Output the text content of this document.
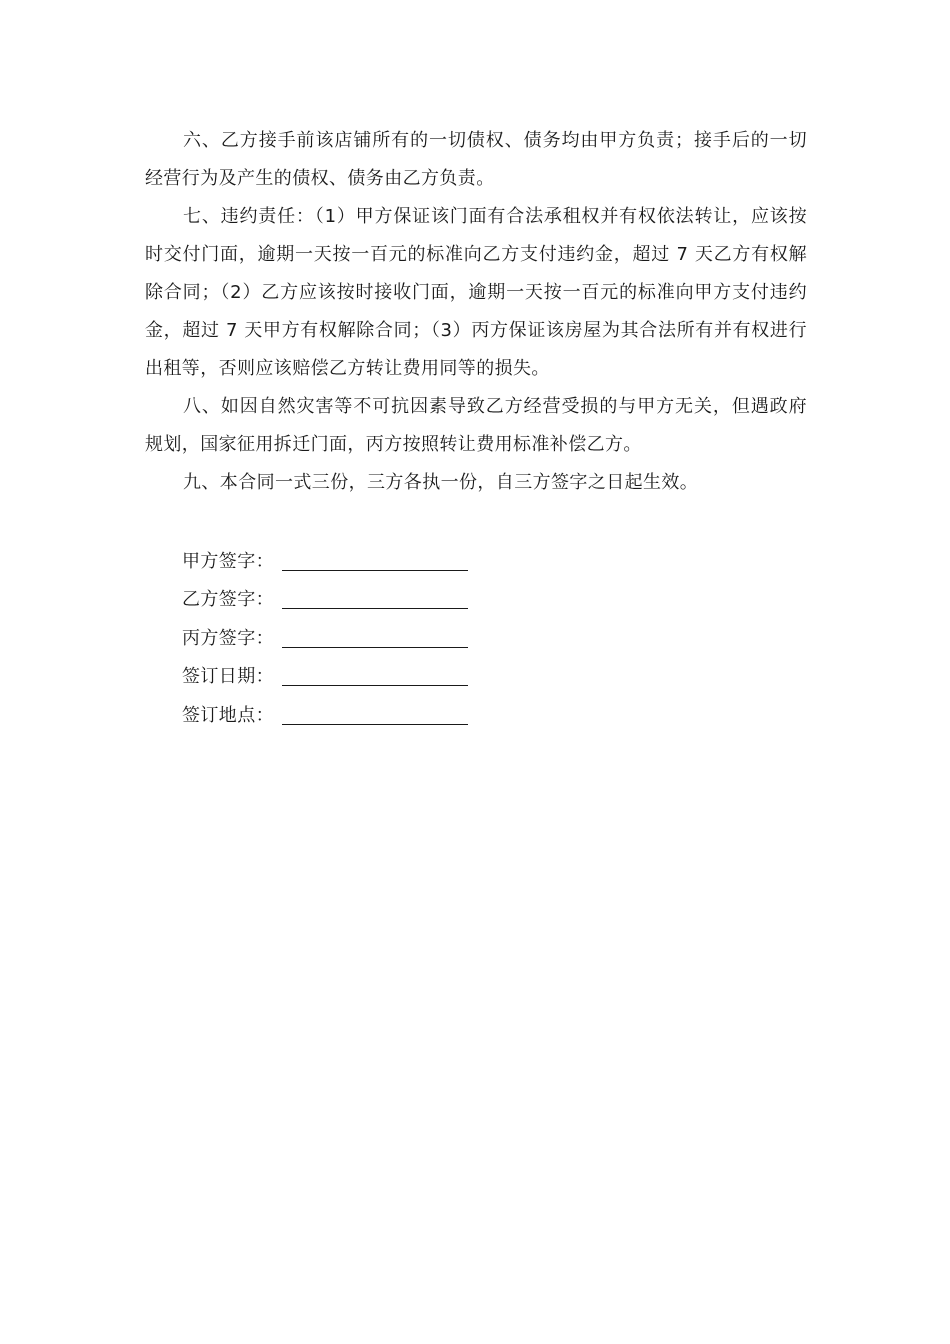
六、乙方接手前该店铺所有的一切债权、债务均由甲方负责；接手后的一切经营行为及产生的债权、债务由乙方负责。

七、违约责任：（1）甲方保证该门面有合法承租权并有权依法转让，应该按时交付门面，逾期一天按一百元的标准向乙方支付违约金，超过 7 天乙方有权解除合同；（2）乙方应该按时接收门面，逾期一天按一百元的标准向甲方支付违约金，超过 7 天甲方有权解除合同；（3）丙方保证该房屋为其合法所有并有权进行出租等，否则应该赔偿乙方转让费用同等的损失。

八、如因自然灾害等不可抗因素导致乙方经营受损的与甲方无关，但遇政府规划，国家征用拆迁门面，丙方按照转让费用标准补偿乙方。

九、本合同一式三份，三方各执一份，自三方签字之日起生效。

甲方签字：
乙方签字：
丙方签字：
签订日期：
签订地点：
